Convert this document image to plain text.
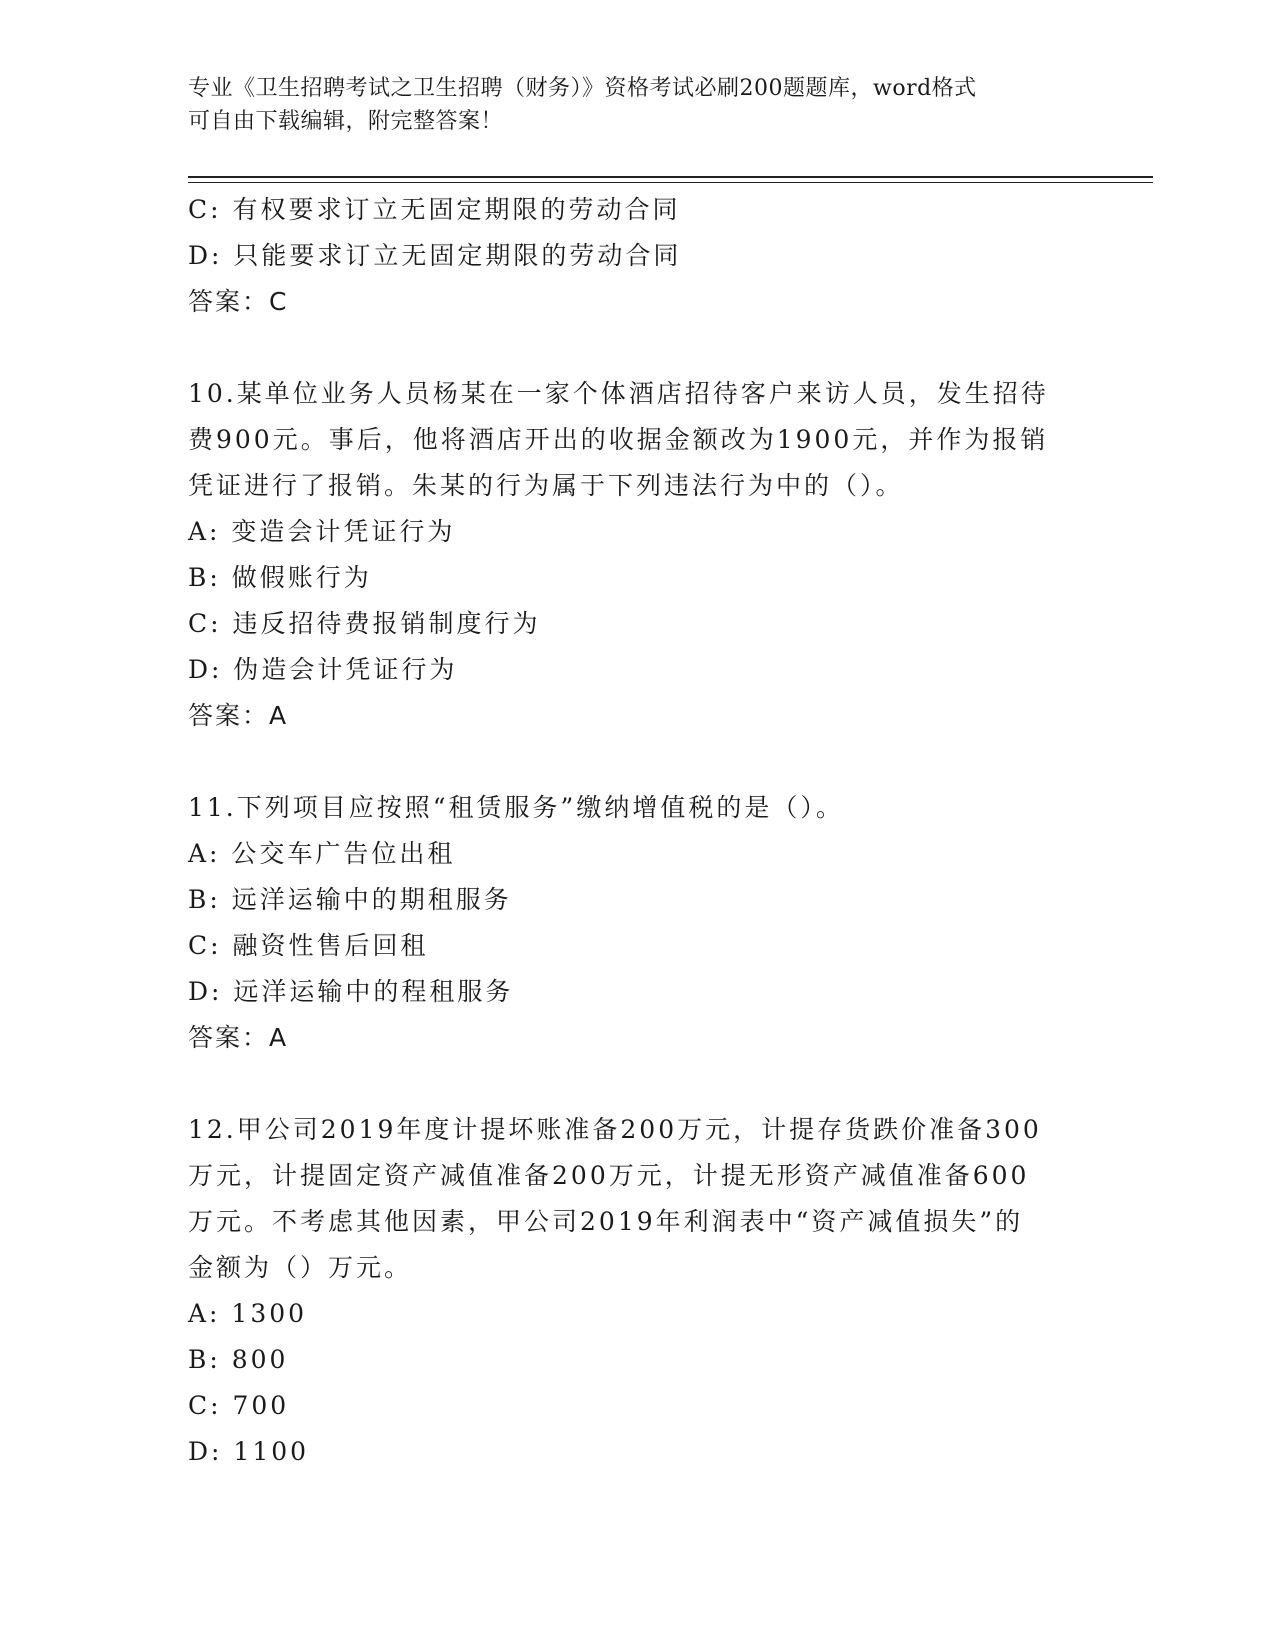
专业《卫生招聘考试之卫生招聘（财务）》资格考试必刷200题题库，word格式
可自由下载编辑，附完整答案！
C: 有权要求订立无固定期限的劳动合同
D: 只能要求订立无固定期限的劳动合同
答案：C
10.某单位业务人员杨某在一家个体酒店招待客户来访人员，发生招待
费900元。事后，他将酒店开出的收据金额改为1900元，并作为报销
凭证进行了报销。朱某的行为属于下列违法行为中的（）。
A: 变造会计凭证行为
B: 做假账行为
C: 违反招待费报销制度行为
D: 伪造会计凭证行为
答案：A
11.下列项目应按照“租赁服务”缴纳增值税的是（）。
A: 公交车广告位出租
B: 远洋运输中的期租服务
C: 融资性售后回租
D: 远洋运输中的程租服务
答案：A
12.甲公司2019年度计提坏账准备200万元，计提存货跌价准备300
万元，计提固定资产减值准备200万元，计提无形资产减值准备600
万元。不考虑其他因素，甲公司2019年利润表中“资产减值损失”的
金额为（）万元。
A: 1300
B: 800
C: 700
D: 1100
